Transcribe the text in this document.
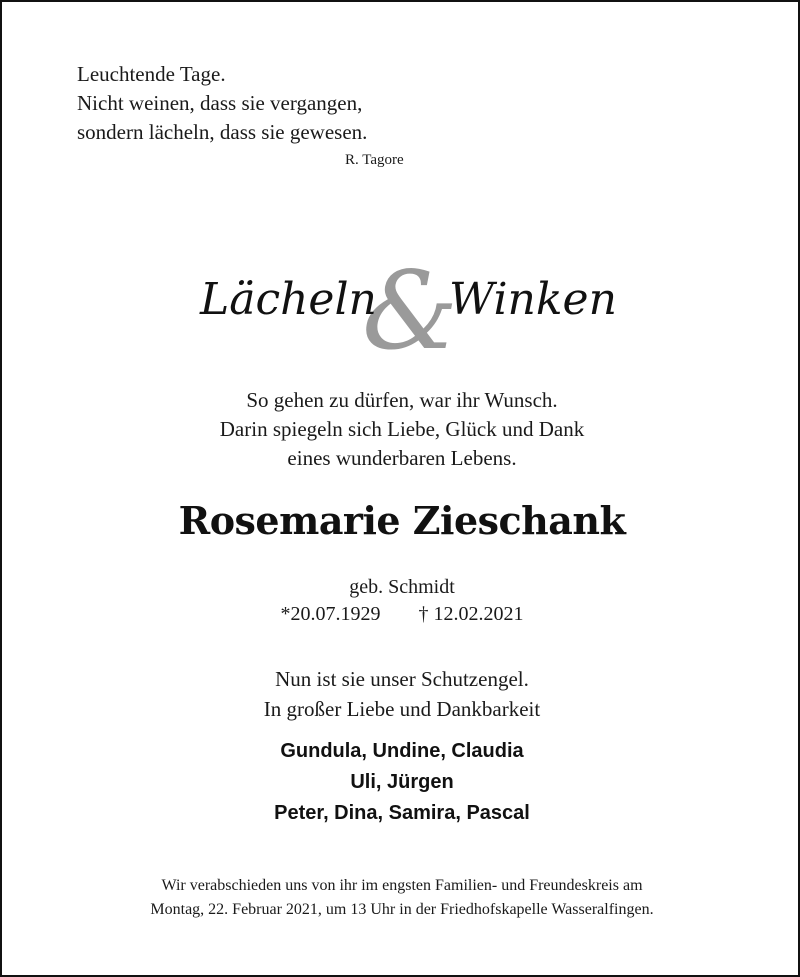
Leuchtende Tage.
Nicht weinen, dass sie vergangen,
sondern lächeln, dass sie gewesen.
R. Tagore
&
Lächeln Winken
So gehen zu dürfen, war ihr Wunsch.
Darin spiegeln sich Liebe, Glück und Dank
eines wunderbaren Lebens.
Rosemarie Zieschank
geb. Schmidt
*20.07.1929 † 12.02.2021
Nun ist sie unser Schutzengel.
In großer Liebe und Dankbarkeit
Gundula, Undine, Claudia
Uli, Jürgen
Peter, Dina, Samira, Pascal
Wir verabschieden uns von ihr im engsten Familien- und Freundeskreis am
Montag, 22. Februar 2021, um 13 Uhr in der Friedhofskapelle Wasseralfingen.
